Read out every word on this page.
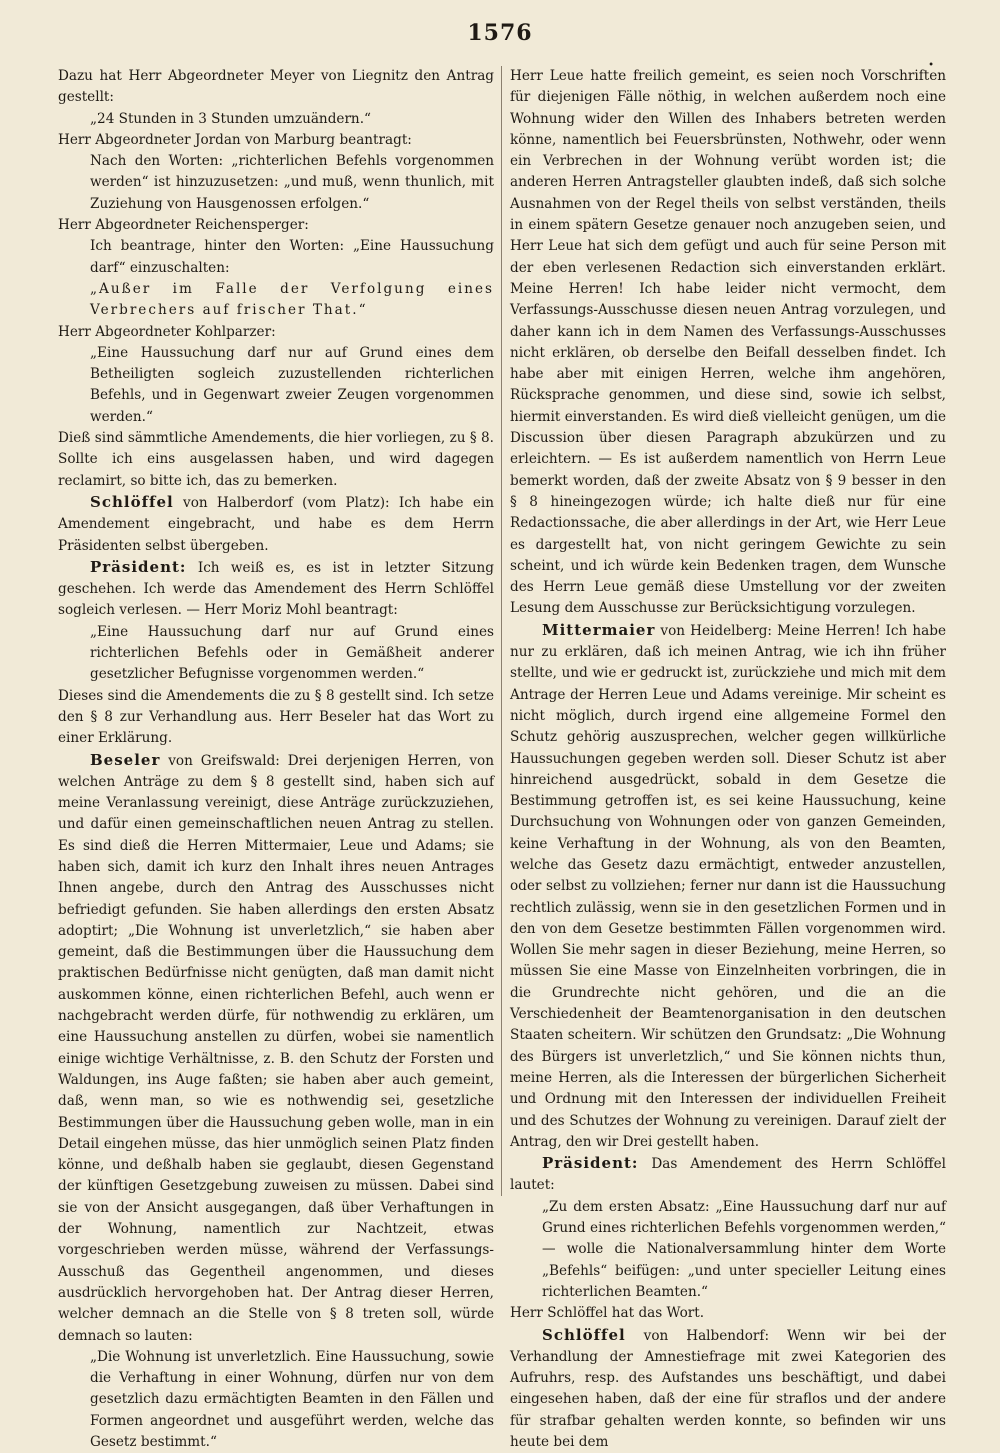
1576
•

Dazu hat Herr Abgeordneter Meyer von Liegnitz den Antrag gestellt:

„24 Stunden in 3 Stunden umzuändern.“

Herr Abgeordneter Jordan von Marburg beantragt:

Nach den Worten: „richterlichen Befehls vorgenommen werden“ ist hinzuzusetzen: „und muß, wenn thunlich, mit Zuziehung von Hausgenossen erfolgen.“

Herr Abgeordneter Reichensperger:

Ich beantrage, hinter den Worten: „Eine Haussuchung darf“ einzuschalten:

„Außer im Falle der Verfolgung eines Verbrechers auf frischer That.“

Herr Abgeordneter Kohlparzer:

„Eine Haussuchung darf nur auf Grund eines dem Betheiligten sogleich zuzustellenden richterlichen Befehls, und in Gegenwart zweier Zeugen vorgenommen werden.“

Dieß sind sämmtliche Amendements, die hier vorliegen, zu § 8. Sollte ich eins ausgelassen haben, und wird dagegen reclamirt, so bitte ich, das zu bemerken.

Schlöffel von Halberdorf (vom Platz): Ich habe ein Amendement eingebracht, und habe es dem Herrn Präsidenten selbst übergeben.

Präsident: Ich weiß es, es ist in letzter Sitzung geschehen. Ich werde das Amendement des Herrn Schlöffel sogleich verlesen. — Herr Moriz Mohl beantragt:

„Eine Haussuchung darf nur auf Grund eines richterlichen Befehls oder in Gemäßheit anderer gesetzlicher Befugnisse vorgenommen werden.“

Dieses sind die Amendements die zu § 8 gestellt sind. Ich setze den § 8 zur Verhandlung aus. Herr Beseler hat das Wort zu einer Erklärung.

Beseler von Greifswald: Drei derjenigen Herren, von welchen Anträge zu dem § 8 gestellt sind, haben sich auf meine Veranlassung vereinigt, diese Anträge zurückzuziehen, und dafür einen gemeinschaftlichen neuen Antrag zu stellen. Es sind dieß die Herren Mittermaier, Leue und Adams; sie haben sich, damit ich kurz den Inhalt ihres neuen Antrages Ihnen angebe, durch den Antrag des Ausschusses nicht befriedigt gefunden. Sie haben allerdings den ersten Absatz adoptirt; „Die Wohnung ist unverletzlich,“ sie haben aber gemeint, daß die Bestimmungen über die Haussuchung dem praktischen Bedürfnisse nicht genügten, daß man damit nicht auskommen könne, einen richterlichen Befehl, auch wenn er nachgebracht werden dürfe, für nothwendig zu erklären, um eine Haussuchung anstellen zu dürfen, wobei sie namentlich einige wichtige Verhältnisse, z. B. den Schutz der Forsten und Waldungen, ins Auge faßten; sie haben aber auch gemeint, daß, wenn man, so wie es nothwendig sei, gesetzliche Bestimmungen über die Haussuchung geben wolle, man in ein Detail eingehen müsse, das hier unmöglich seinen Platz finden könne, und deßhalb haben sie geglaubt, diesen Gegenstand der künftigen Gesetzgebung zuweisen zu müssen. Dabei sind sie von der Ansicht ausgegangen, daß über Verhaftungen in der Wohnung, namentlich zur Nachtzeit, etwas vorgeschrieben werden müsse, während der Verfassungs-Ausschuß das Gegentheil angenommen, und dieses ausdrücklich hervorgehoben hat. Der Antrag dieser Herren, welcher demnach an die Stelle von § 8 treten soll, würde demnach so lauten:

„Die Wohnung ist unverletzlich. Eine Haussuchung, sowie die Verhaftung in einer Wohnung, dürfen nur von dem gesetzlich dazu ermächtigten Beamten in den Fällen und Formen angeordnet und ausgeführt werden, welche das Gesetz bestimmt.“

Herr Leue hatte freilich gemeint, es seien noch Vorschriften für diejenigen Fälle nöthig, in welchen außerdem noch eine Wohnung wider den Willen des Inhabers betreten werden könne, namentlich bei Feuersbrünsten, Nothwehr, oder wenn ein Verbrechen in der Wohnung verübt worden ist; die anderen Herren Antragsteller glaubten indeß, daß sich solche Ausnahmen von der Regel theils von selbst verständen, theils in einem spätern Gesetze genauer noch anzugeben seien, und Herr Leue hat sich dem gefügt und auch für seine Person mit der eben verlesenen Redaction sich einverstanden erklärt. Meine Herren! Ich habe leider nicht vermocht, dem Verfassungs-Ausschusse diesen neuen Antrag vorzulegen, und daher kann ich in dem Namen des Verfassungs-Ausschusses nicht erklären, ob derselbe den Beifall desselben findet. Ich habe aber mit einigen Herren, welche ihm angehören, Rücksprache genommen, und diese sind, sowie ich selbst, hiermit einverstanden. Es wird dieß vielleicht genügen, um die Discussion über diesen Paragraph abzukürzen und zu erleichtern. — Es ist außerdem namentlich von Herrn Leue bemerkt worden, daß der zweite Absatz von § 9 besser in den § 8 hineingezogen würde; ich halte dieß nur für eine Redactionssache, die aber allerdings in der Art, wie Herr Leue es dargestellt hat, von nicht geringem Gewichte zu sein scheint, und ich würde kein Bedenken tragen, dem Wunsche des Herrn Leue gemäß diese Umstellung vor der zweiten Lesung dem Ausschusse zur Berücksichtigung vorzulegen.

Mittermaier von Heidelberg: Meine Herren! Ich habe nur zu erklären, daß ich meinen Antrag, wie ich ihn früher stellte, und wie er gedruckt ist, zurückziehe und mich mit dem Antrage der Herren Leue und Adams vereinige. Mir scheint es nicht möglich, durch irgend eine allgemeine Formel den Schutz gehörig auszusprechen, welcher gegen willkürliche Haussuchungen gegeben werden soll. Dieser Schutz ist aber hinreichend ausgedrückt, sobald in dem Gesetze die Bestimmung getroffen ist, es sei keine Haussuchung, keine Durchsuchung von Wohnungen oder von ganzen Gemeinden, keine Verhaftung in der Wohnung, als von den Beamten, welche das Gesetz dazu ermächtigt, entweder anzustellen, oder selbst zu vollziehen; ferner nur dann ist die Haussuchung rechtlich zulässig, wenn sie in den gesetzlichen Formen und in den von dem Gesetze bestimmten Fällen vorgenommen wird. Wollen Sie mehr sagen in dieser Beziehung, meine Herren, so müssen Sie eine Masse von Einzelnheiten vorbringen, die in die Grundrechte nicht gehören, und die an die Verschiedenheit der Beamtenorganisation in den deutschen Staaten scheitern. Wir schützen den Grundsatz: „Die Wohnung des Bürgers ist unverletzlich,“ und Sie können nichts thun, meine Herren, als die Interessen der bürgerlichen Sicherheit und Ordnung mit den Interessen der individuellen Freiheit und des Schutzes der Wohnung zu vereinigen. Darauf zielt der Antrag, den wir Drei gestellt haben.

Präsident: Das Amendement des Herrn Schlöffel lautet:

„Zu dem ersten Absatz: „Eine Haussuchung darf nur auf Grund eines richterlichen Befehls vorgenommen werden,“ — wolle die Nationalversammlung hinter dem Worte „Befehls“ beifügen: „und unter specieller Leitung eines richterlichen Beamten.“

Herr Schlöffel hat das Wort.

Schlöffel von Halbendorf: Wenn wir bei der Verhandlung der Amnestiefrage mit zwei Kategorien des Aufruhrs, resp. des Aufstandes uns beschäftigt, und dabei eingesehen haben, daß der eine für straflos und der andere für strafbar gehalten werden konnte, so befinden wir uns heute bei dem
